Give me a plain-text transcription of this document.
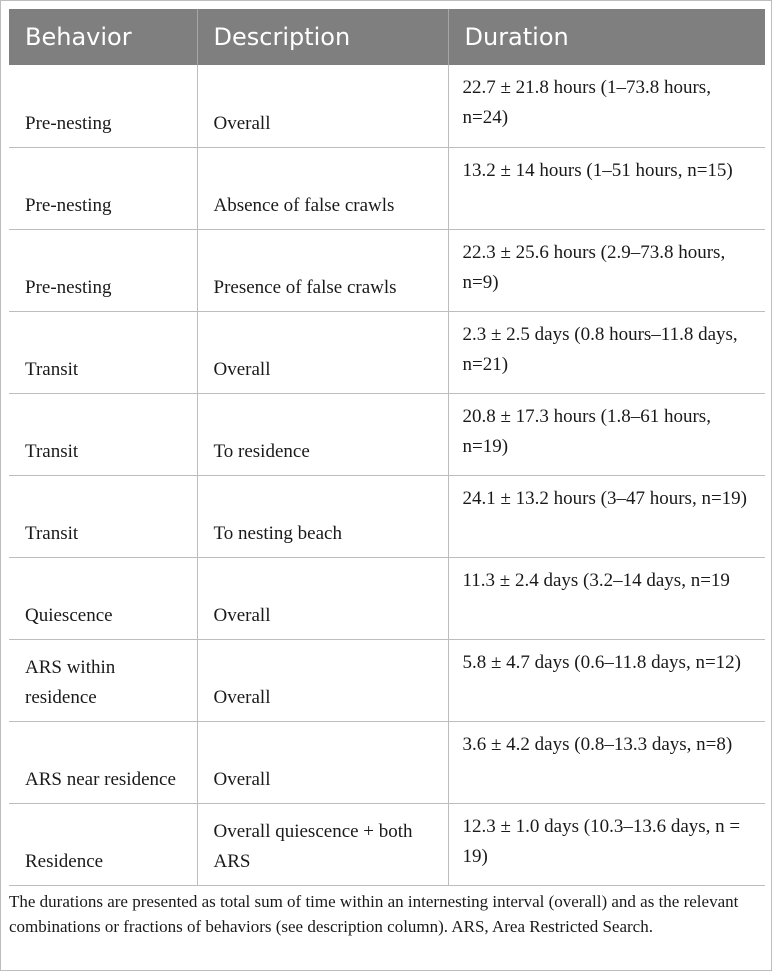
Behavior	Description	Duration
Pre-nesting	Overall	22.7 ± 21.8 hours (1–73.8 hours, n=24)
Pre-nesting	Absence of false crawls	13.2 ± 14 hours (1–51 hours, n=15)
Pre-nesting	Presence of false crawls	22.3 ± 25.6 hours (2.9–73.8 hours, n=9)
Transit	Overall	2.3 ± 2.5 days (0.8 hours–11.8 days, n=21)
Transit	To residence	20.8 ± 17.3 hours (1.8–61 hours, n=19)
Transit	To nesting beach	24.1 ± 13.2 hours (3–47 hours, n=19)
Quiescence	Overall	11.3 ± 2.4 days (3.2–14 days, n=19
ARS within residence	Overall	5.8 ± 4.7 days (0.6–11.8 days, n=12)
ARS near residence	Overall	3.6 ± 4.2 days (0.8–13.3 days, n=8)
Residence	Overall quiescence + both ARS	12.3 ± 1.0 days (10.3–13.6 days, n = 19)
The durations are presented as total sum of time within an internesting interval (overall) and as the relevant combinations or fractions of behaviors (see description column). ARS, Area Restricted Search.
